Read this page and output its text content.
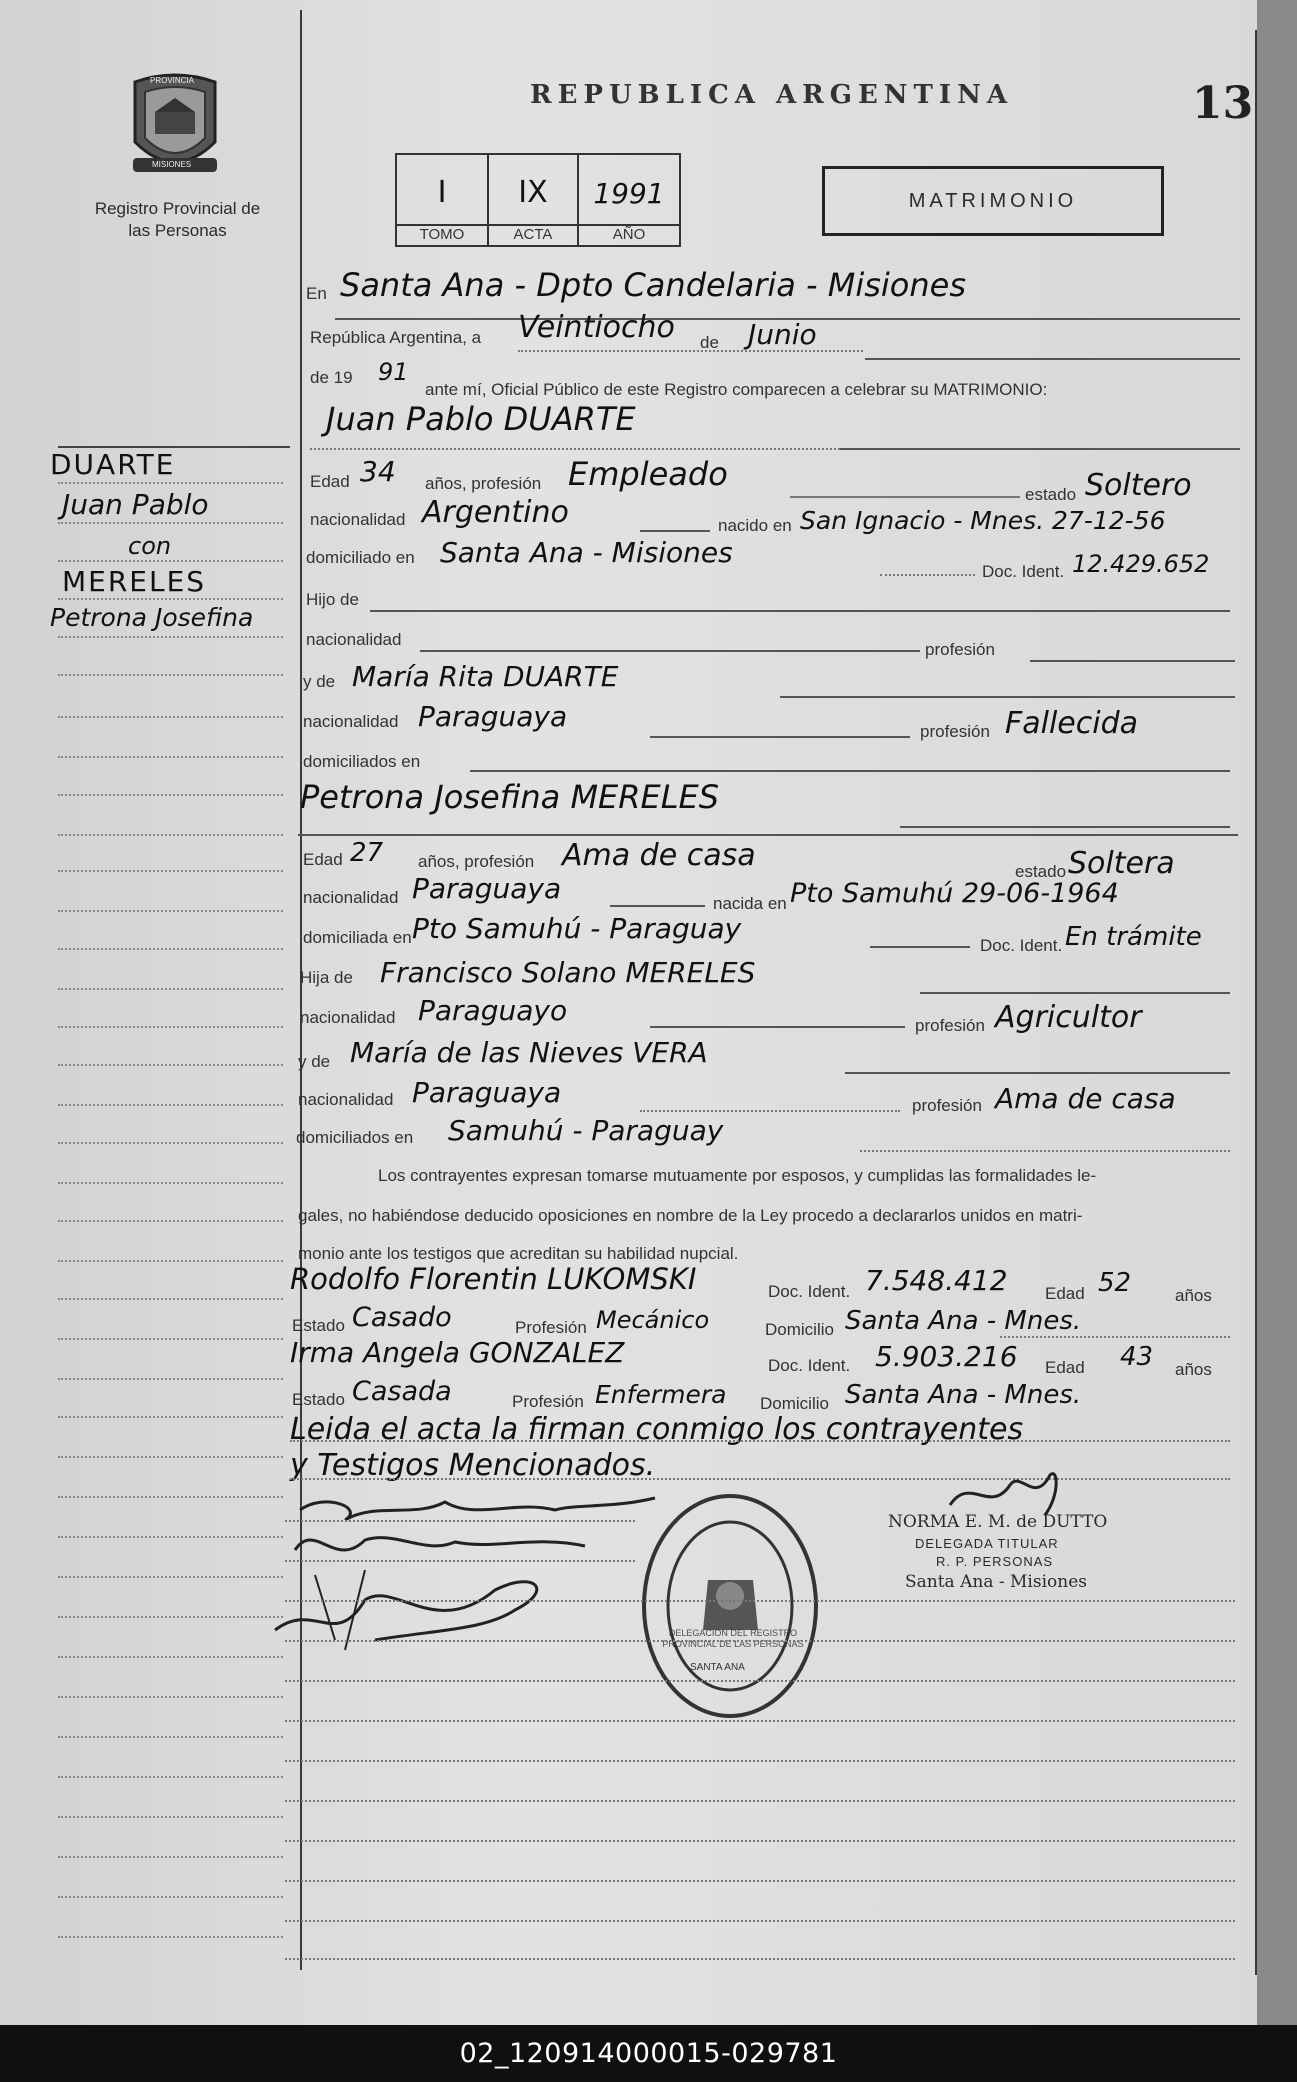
PROVINCIA
MISIONES
Registro Provincial de las Personas
REPUBLICA ARGENTINA	13
I
TOMO
IX
ACTA
1991
AÑO
MATRIMONIO
DUARTE
Juan Pablo
con
MERELES
Petrona Josefina
En Santa Ana - Dpto Candelaria - Misiones
República Argentina, a Veintiocho de Junio
de 19 91
ante mí, Oficial Público de este Registro comparecen a celebrar su MATRIMONIO:
Juan Pablo DUARTE
Edad 34 años, profesión Empleado
estado Soltero
nacionalidad Argentino	nacido en San Ignacio - Mnes. 27-12-56
domiciliado en Santa Ana - Misiones
Doc. Ident. 12.429.652
Hijo de
nacionalidad
profesión
y de María Rita DUARTE
nacionalidad Paraguaya	profesión Fallecida
domiciliados en
Petrona Josefina MERELES
Edad 27 años, profesión Ama de casa	estado Soltera
nacionalidad Paraguaya	nacida en Pto Samuhú 29-06-1964
domiciliada en Pto Samuhú - Paraguay
Doc. Ident. En trámite
Hija de Francisco Solano MERELES
nacionalidad Paraguayo	profesión Agricultor
y de María de las Nieves VERA
nacionalidad Paraguaya	profesión Ama de casa
domiciliados en Samuhú - Paraguay
Los contrayentes expresan tomarse mutuamente por esposos, y cumplidas las formalidades le-
gales, no habiéndose deducido oposiciones en nombre de la Ley procedo a declararlos unidos en matri-
monio ante los testigos que acreditan su habilidad nupcial.
Rodolfo Florentin LUKOMSKI	Doc. Ident. 7.548.412 Edad 52	años
Estado Casado	Profesión Mecánico	Domicilio Santa Ana - Mnes.
Irma Angela GONZALEZ	Doc. Ident. 5.903.216 Edad 43 años
Estado Casada	Profesión Enfermera Domicilio Santa Ana - Mnes.
Leida el acta la firman conmigo los contrayentes
y Testigos Mencionados.
DELEGACION DEL REGISTRO PROVINCIAL DE LAS PERSONAS
SANTA ANA
NORMA E. M. de DUTTO
DELEGADA TITULAR
R. P. PERSONAS
Santa Ana - Misiones
02_120914000015-029781
